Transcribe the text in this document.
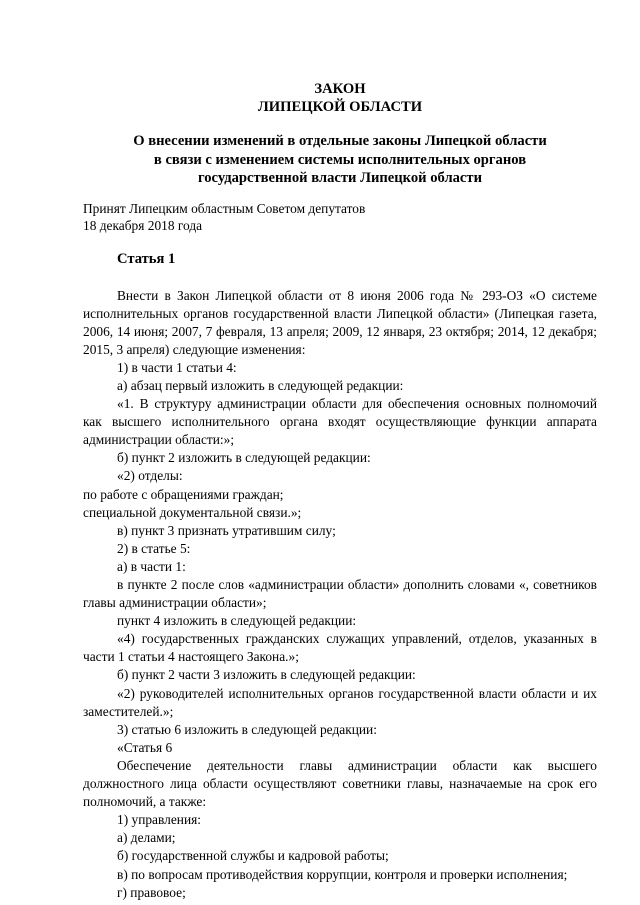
ЗАКОН
ЛИПЕЦКОЙ ОБЛАСТИ
О внесении изменений в отдельные законы Липецкой области
в связи с изменением системы исполнительных органов
государственной власти Липецкой области
Принят Липецким областным Советом депутатов
18 декабря 2018 года
Статья 1

Внести в Закон Липецкой области от 8 июня 2006 года № 293-ОЗ «О системе исполнительных органов государственной власти Липецкой области» (Липецкая газета, 2006, 14 июня; 2007, 7 февраля, 13 апреля; 2009, 12 января, 23 октября; 2014, 12 декабря; 2015, 3 апреля) следующие изменения:

1) в части 1 статьи 4:

а) абзац первый изложить в следующей редакции:

«1. В структуру администрации области для обеспечения основных полномочий как высшего исполнительного органа входят осуществляющие функции аппарата администрации области:»;

б) пункт 2 изложить в следующей редакции:

«2) отделы:

по работе с обращениями граждан;

специальной документальной связи.»;

в) пункт 3 признать утратившим силу;

2) в статье 5:

а) в части 1:

в пункте 2 после слов «администрации области» дополнить словами «, советников главы администрации области»;

пункт 4 изложить в следующей редакции:

«4) государственных гражданских служащих управлений, отделов, указанных в части 1 статьи 4 настоящего Закона.»;

б) пункт 2 части 3 изложить в следующей редакции:

«2) руководителей исполнительных органов государственной власти области и их заместителей.»;

3) статью 6 изложить в следующей редакции:

«Статья 6

Обеспечение деятельности главы администрации области как высшего должностного лица области осуществляют советники главы, назначаемые на срок его полномочий, а также:

1) управления:

а) делами;

б) государственной службы и кадровой работы;

в) по вопросам противодействия коррупции, контроля и проверки исполнения;

г) правовое;
